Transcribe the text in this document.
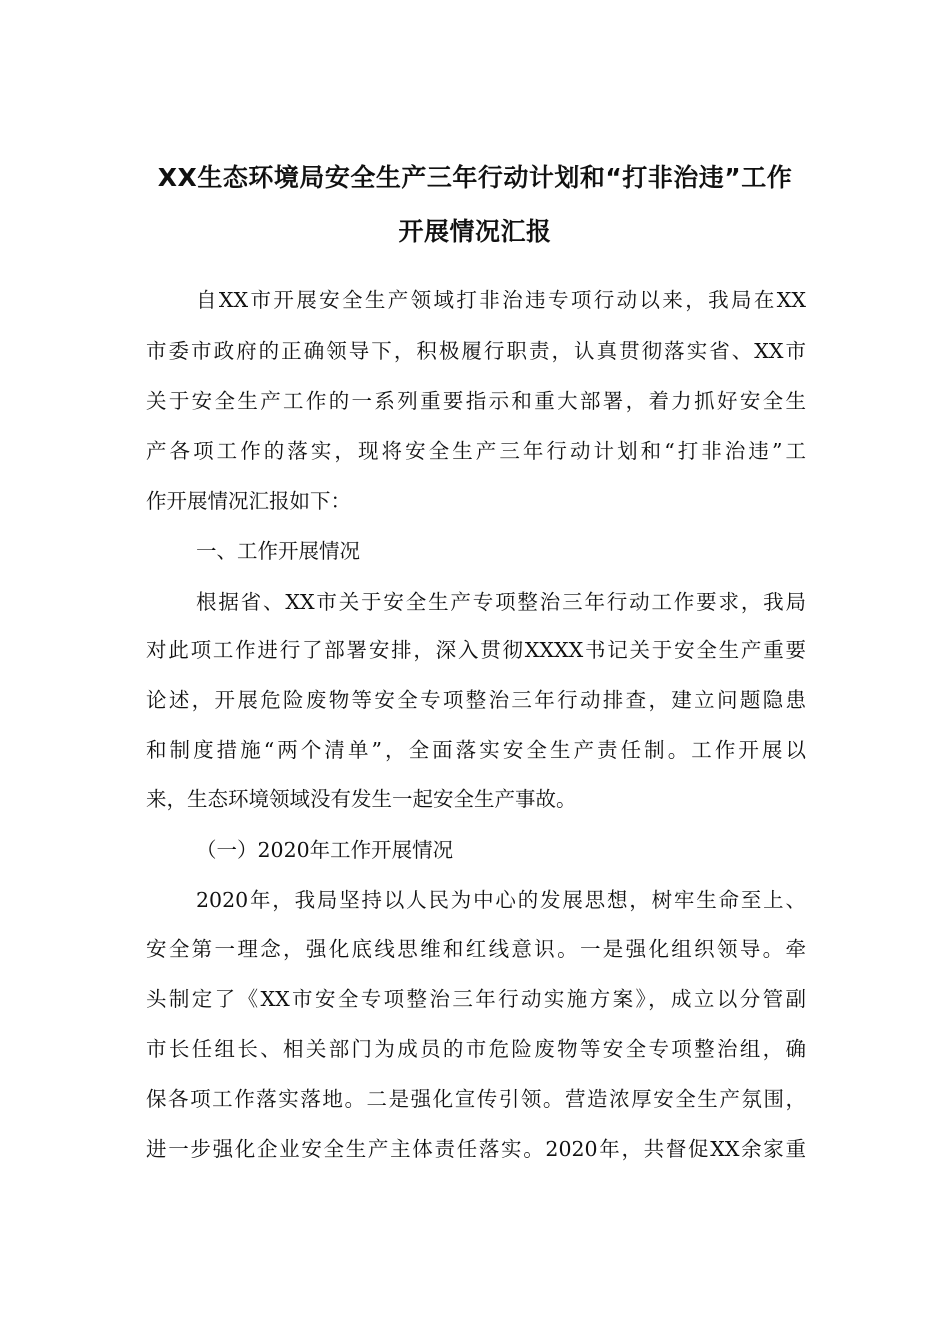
XX生态环境局安全生产三年行动计划和“打非治违”工作
开展情况汇报
自XX市开展安全生产领域打非治违专项行动以来，我局在XX
市委市政府的正确领导下，积极履行职责，认真贯彻落实省、XX市
关于安全生产工作的一系列重要指示和重大部署，着力抓好安全生
产各项工作的落实，现将安全生产三年行动计划和“打非治违”工
作开展情况汇报如下：
一、工作开展情况
根据省、XX市关于安全生产专项整治三年行动工作要求，我局
对此项工作进行了部署安排，深入贯彻XXXX书记关于安全生产重要
论述，开展危险废物等安全专项整治三年行动排查，建立问题隐患
和制度措施“两个清单”，全面落实安全生产责任制。工作开展以
来，生态环境领域没有发生一起安全生产事故。
（一）2020年工作开展情况
2020年，我局坚持以人民为中心的发展思想，树牢生命至上、
安全第一理念，强化底线思维和红线意识。一是强化组织领导。牵
头制定了《XX市安全专项整治三年行动实施方案》，成立以分管副
市长任组长、相关部门为成员的市危险废物等安全专项整治组，确
保各项工作落实落地。二是强化宣传引领。营造浓厚安全生产氛围，
进一步强化企业安全生产主体责任落实。2020年，共督促XX余家重
